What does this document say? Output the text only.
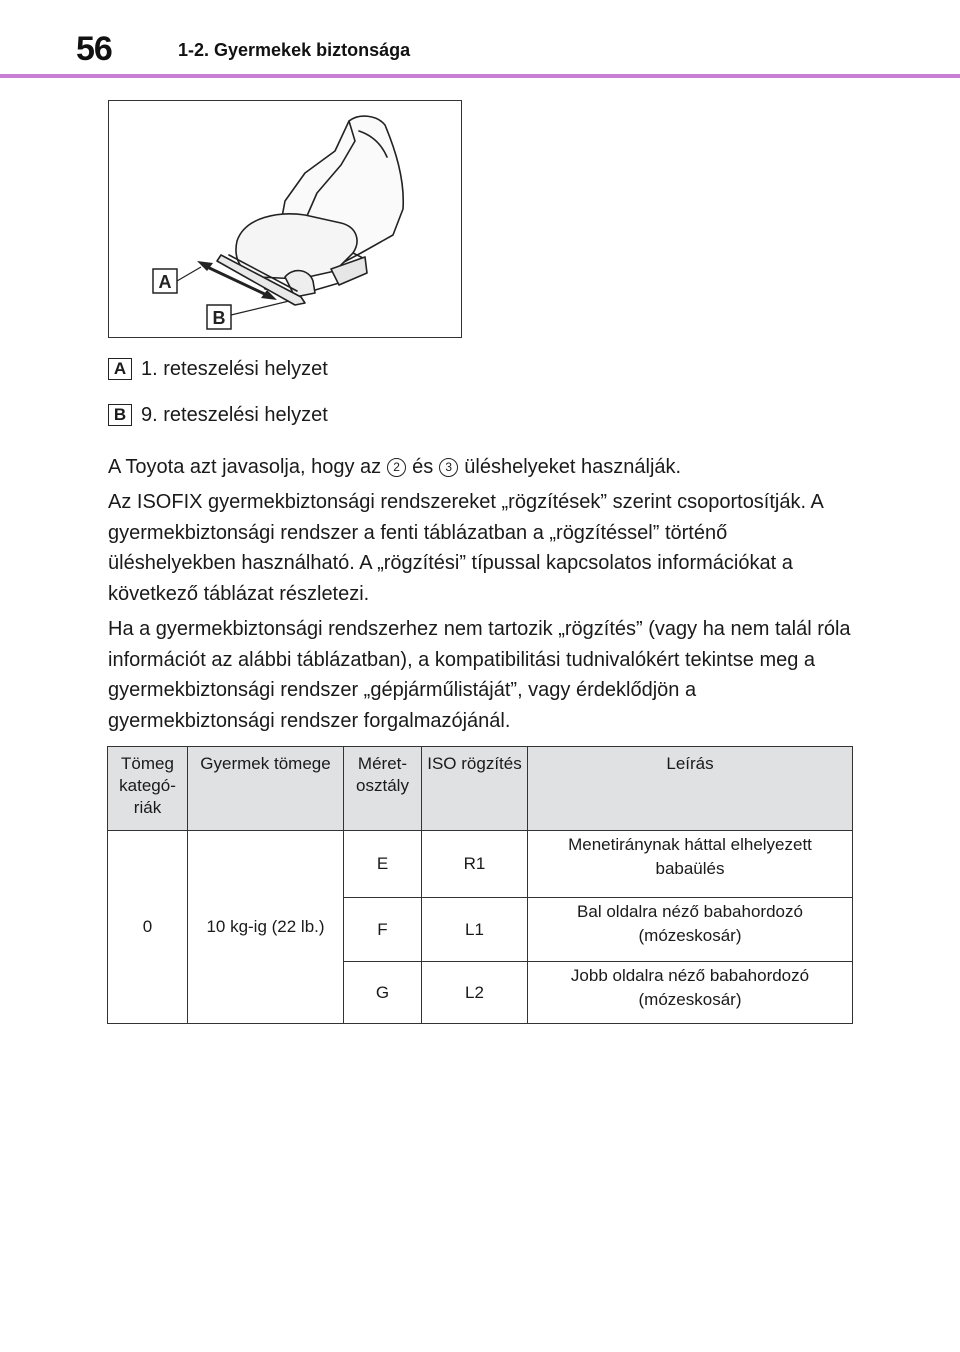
56	1-2. Gyermekek biztonsága
A
B
A 1. reteszelési helyzet
B 9. reteszelési helyzet
A Toyota azt javasolja, hogy az 2 és 3 üléshelyeket használják.
Az ISOFIX gyermekbiztonsági rendszereket „rögzítések” szerint csoportosítják. A gyermekbiztonsági rendszer a fenti táblázatban a „rögzítéssel” történő üléshelyekben használható. A „rögzítési” típussal kapcsolatos információkat a következő táblázat részletezi.
Ha a gyermekbiztonsági rendszerhez nem tartozik „rögzítés” (vagy ha nem talál róla információt az alábbi táblázatban), a kompatibilitási tudnivalókért tekintse meg a gyermekbiztonsági rendszer „gépjárműlistáját”, vagy érdeklődjön a gyermekbiztonsági rendszer forgalmazójánál.
Tömeg kategóriák	Gyermek tömege	Méretosztály	ISO rögzítés	Leírás
0	10 kg-ig (22 lb.)	E	R1	Menetiránynak háttal elhelyezett babaülés
		F	L1	Bal oldalra néző babahordozó (mózeskosár)
		G	L2	Jobb oldalra néző babahordozó (mózeskosár)
